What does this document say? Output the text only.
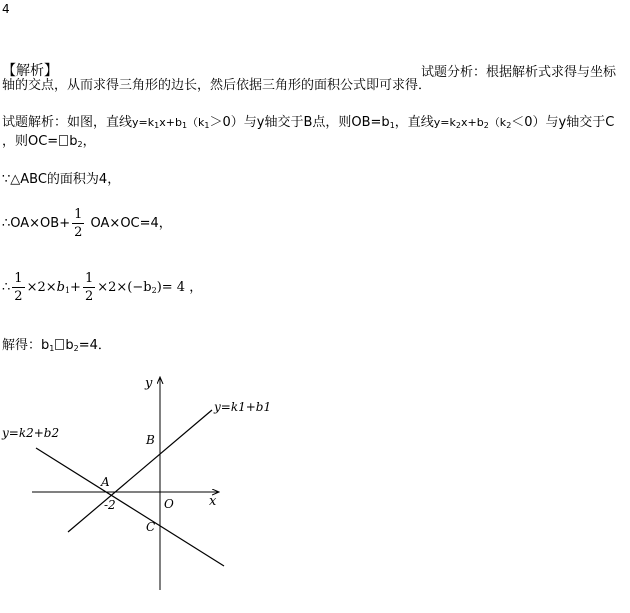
4
【解析】	试题分析：根据解析式求得与坐标
轴的交点，从而求得三角形的边长，然后依据三角形的面积公式即可求得．
试题解析：如图，直线$y=k_1x+b_1(k_1>0)$与y轴交于B点，则$OB=b_1$，直线$y=k_2x+b_2(k_2<0)$与y轴交于C
，则$OC= b_2$，
∵△ABC的面积为4，
∴OA×OB+ $\frac{1}{2} OA\times OC=4$，
∴ $\frac{1}{2} \times 2\times b_1+ \frac{1}{2} \times 2\times(-b_2)= 4$ ，
解得：$b_1$ $b_2=4$．
x
y
y=k1+b1
y=k2+b2	B
A
O
C
-2
